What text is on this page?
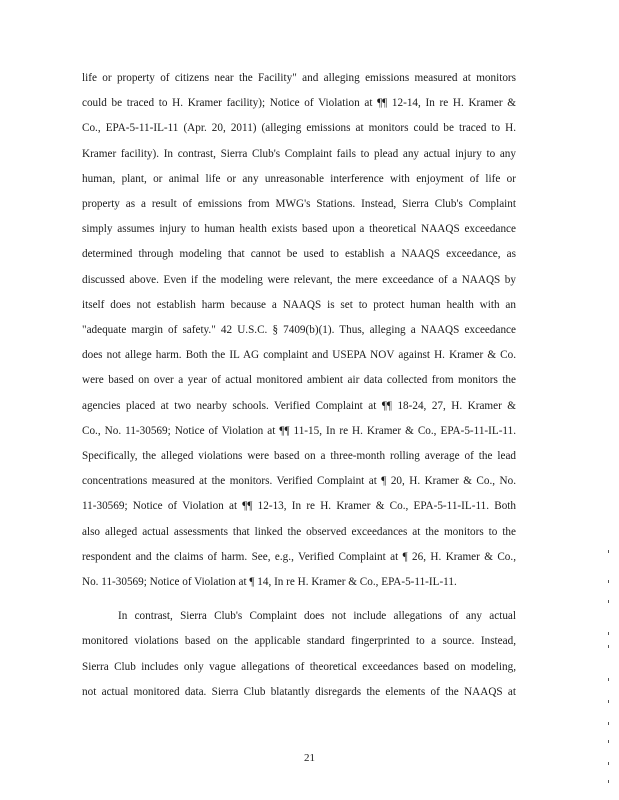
life or property of citizens near the Facility" and alleging emissions measured at monitors
could be traced to H. Kramer facility); Notice of Violation at ¶¶ 12-14, In re H. Kramer &
Co., EPA-5-11-IL-11 (Apr. 20, 2011) (alleging emissions at monitors could be traced to H.
Kramer facility). In contrast, Sierra Club's Complaint fails to plead any actual injury to any
human, plant, or animal life or any unreasonable interference with enjoyment of life or
property as a result of emissions from MWG's Stations. Instead, Sierra Club's Complaint
simply assumes injury to human health exists based upon a theoretical NAAQS exceedance
determined through modeling that cannot be used to establish a NAAQS exceedance, as
discussed above. Even if the modeling were relevant, the mere exceedance of a NAAQS by
itself does not establish harm because a NAAQS is set to protect human health with an
"adequate margin of safety." 42 U.S.C. § 7409(b)(1). Thus, alleging a NAAQS exceedance
does not allege harm. Both the IL AG complaint and USEPA NOV against H. Kramer & Co.
were based on over a year of actual monitored ambient air data collected from monitors the
agencies placed at two nearby schools. Verified Complaint at ¶¶ 18-24, 27, H. Kramer &
Co., No. 11-30569; Notice of Violation at ¶¶ 11-15, In re H. Kramer & Co., EPA-5-11-IL-11.
Specifically, the alleged violations were based on a three-month rolling average of the lead
concentrations measured at the monitors. Verified Complaint at ¶ 20, H. Kramer & Co., No.
11-30569; Notice of Violation at ¶¶ 12-13, In re H. Kramer & Co., EPA-5-11-IL-11. Both
also alleged actual assessments that linked the observed exceedances at the monitors to the
respondent and the claims of harm. See, e.g., Verified Complaint at ¶ 26, H. Kramer & Co.,
No. 11-30569; Notice of Violation at ¶ 14, In re H. Kramer & Co., EPA-5-11-IL-11.
In contrast, Sierra Club's Complaint does not include allegations of any actual
monitored violations based on the applicable standard fingerprinted to a source. Instead,
Sierra Club includes only vague allegations of theoretical exceedances based on modeling,
not actual monitored data. Sierra Club blatantly disregards the elements of the NAAQS at
21
